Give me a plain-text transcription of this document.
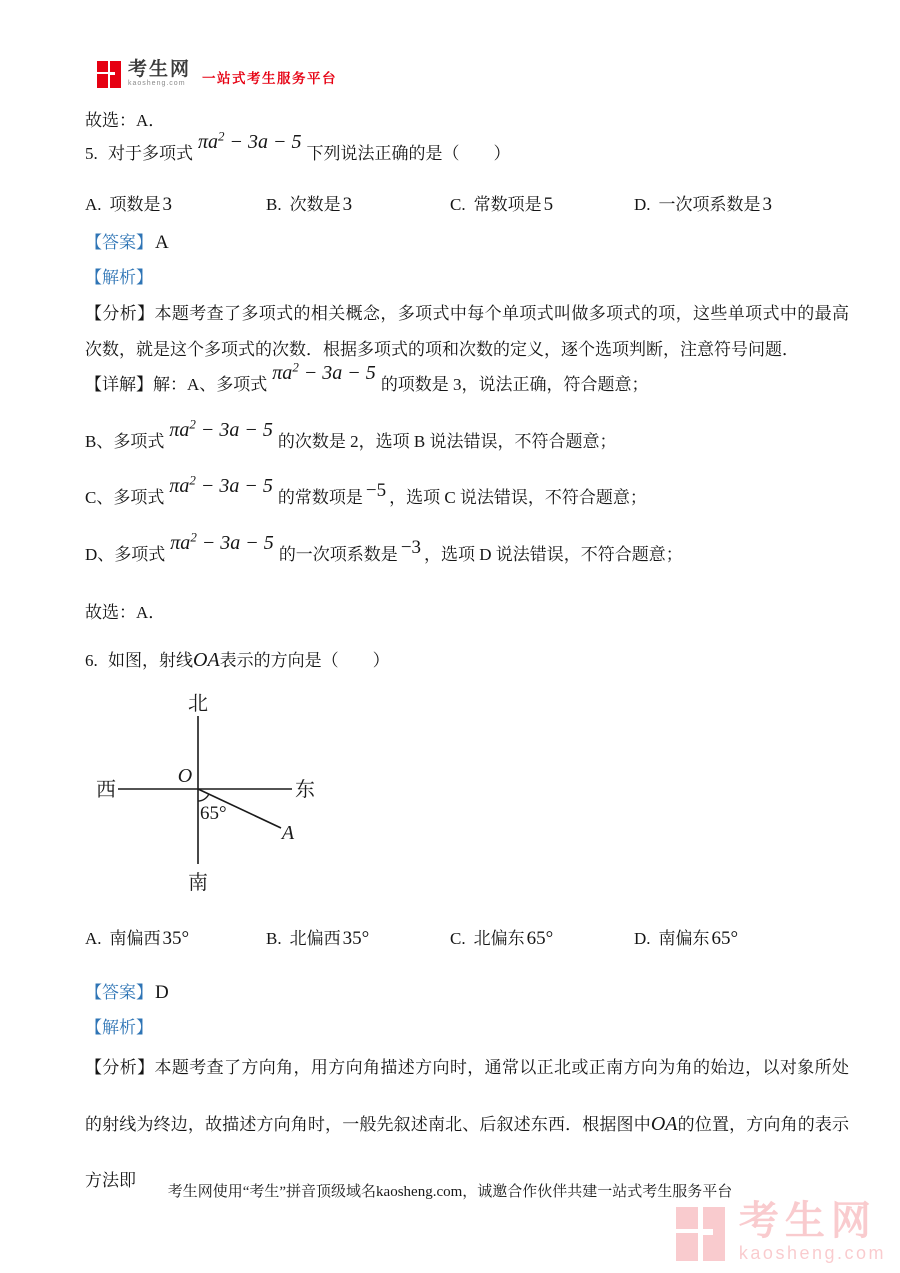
考生网
kaosheng.com	一站式考生服务平台
故选：A．
5. 对于多项式$\pi a^2 - 3a - 5$下列说法正确的是（　　）
A. 项数是 3	B. 次数是 3	C. 常数项是 5	D. 一次项系数是 3
【答案】 A
【解析】
【分析】本题考查了多项式的相关概念，多项式中每个单项式叫做多项式的项，这些单项式中的最高次数，就是这个多项式的次数．根据多项式的项和次数的定义，逐个选项判断，注意符号问题．
【详解】解：A、多项式$\pi a^2 - 3a - 5$的项数是 3，说法正确，符合题意；
B、多项式$\pi a^2 - 3a - 5$的次数是 2，选项 B 说法错误，不符合题意；
C、多项式$\pi a^2 - 3a - 5$的常数项是 −5 ，选项 C 说法错误，不符合题意；
D、多项式$\pi a^2 - 3a - 5$的一次项系数是 −3 ，选项 D 说法错误，不符合题意；
故选：A．
6. 如图，射线OA表示的方向是（　　）
北
南
西	东
O
65°
A
A. 南偏西 35°	B. 北偏西 35°	C. 北偏东 65°	D. 南偏东 65°
【答案】 D
【解析】
【分析】本题考查了方向角，用方向角描述方向时，通常以正北或正南方向为角的始边，以对象所处的射线为终边，故描述方向角时，一般先叙述南北、后叙述东西．根据图中OA的位置，方向角的表示方法即
考生网使用“考生”拼音顶级域名kaosheng.com，诚邀合作伙伴共建一站式考生服务平台
考生网
kaosheng.com
